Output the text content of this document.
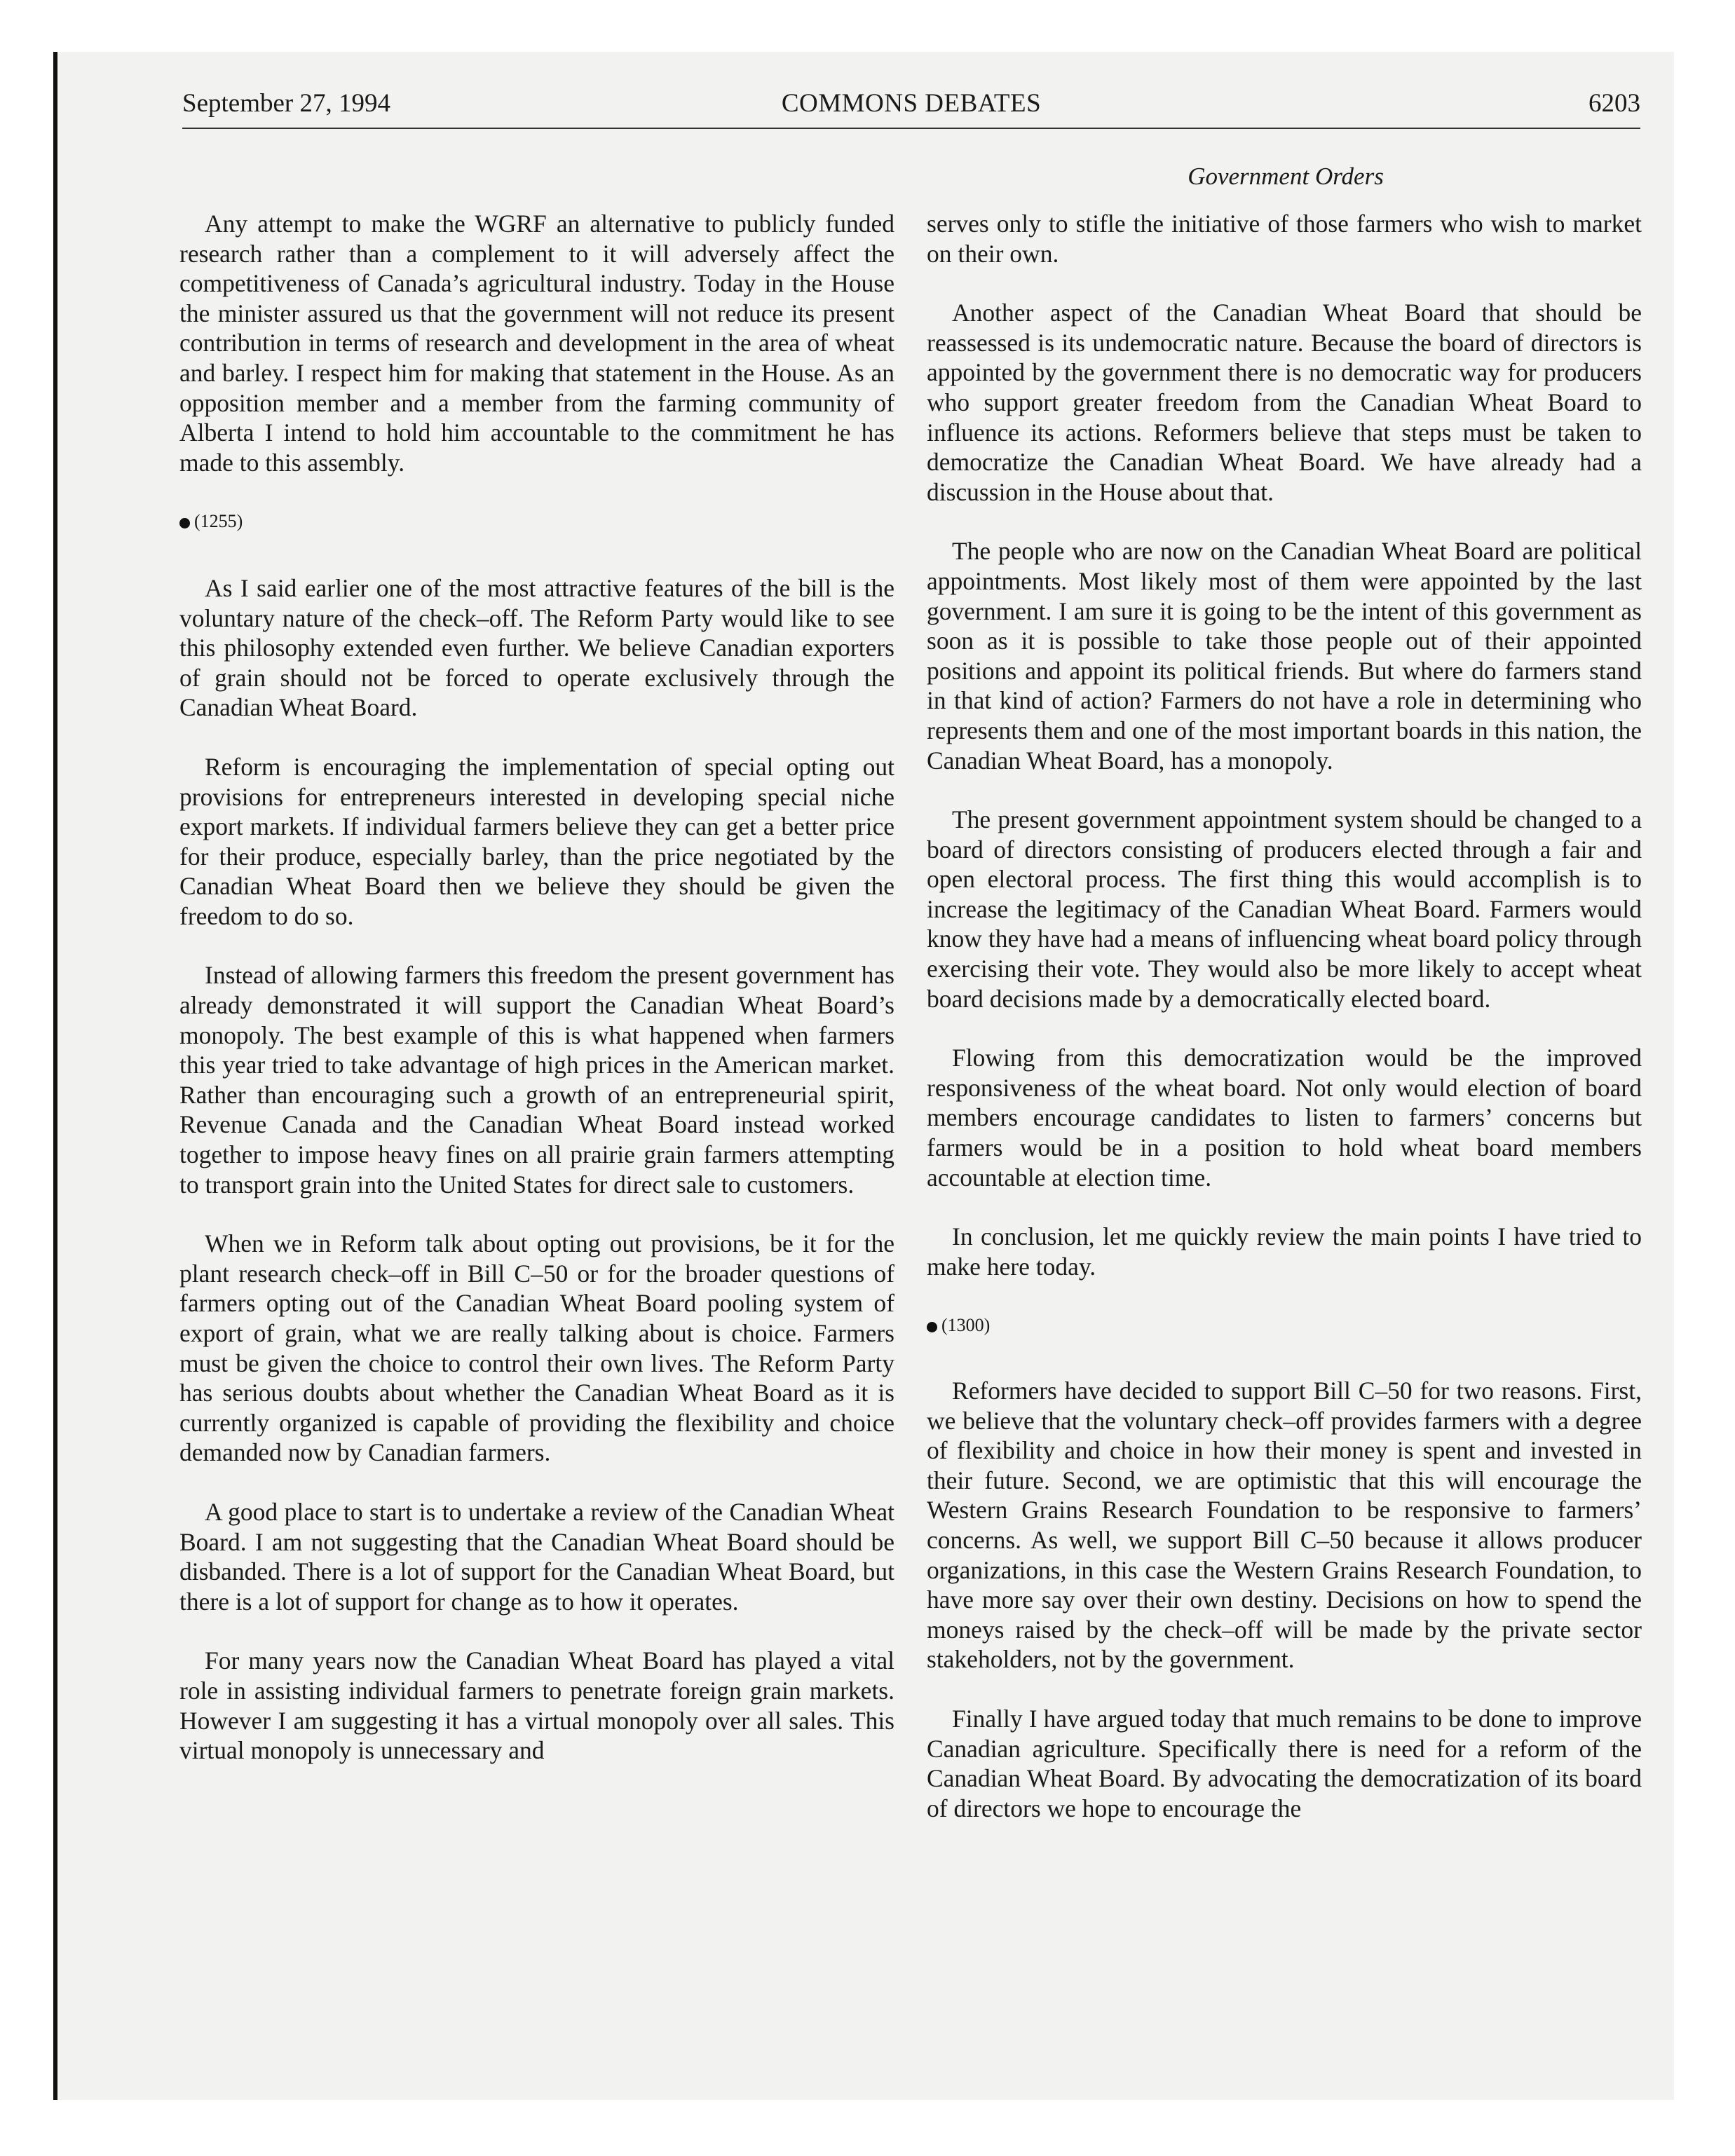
September 27, 1994	COMMONS DEBATES	6203
Government Orders

Any attempt to make the WGRF an alternative to publicly funded research rather than a complement to it will adversely affect the competitiveness of Canada’s agricultural industry. Today in the House the minister assured us that the government will not reduce its present contribution in terms of research and development in the area of wheat and barley. I respect him for making that statement in the House. As an opposition member and a member from the farming community of Alberta I intend to hold him accountable to the commitment he has made to this assembly.

(1255)

As I said earlier one of the most attractive features of the bill is the voluntary nature of the check–off. The Reform Party would like to see this philosophy extended even further. We believe Canadian exporters of grain should not be forced to operate exclusively through the Canadian Wheat Board.

Reform is encouraging the implementation of special opting out provisions for entrepreneurs interested in developing special niche export markets. If individual farmers believe they can get a better price for their produce, especially barley, than the price negotiated by the Canadian Wheat Board then we believe they should be given the freedom to do so.

Instead of allowing farmers this freedom the present government has already demonstrated it will support the Canadian Wheat Board’s monopoly. The best example of this is what happened when farmers this year tried to take advantage of high prices in the American market. Rather than encouraging such a growth of an entrepreneurial spirit, Revenue Canada and the Canadian Wheat Board instead worked together to impose heavy fines on all prairie grain farmers attempting to transport grain into the United States for direct sale to customers.

When we in Reform talk about opting out provisions, be it for the plant research check–off in Bill C–50 or for the broader questions of farmers opting out of the Canadian Wheat Board pooling system of export of grain, what we are really talking about is choice. Farmers must be given the choice to control their own lives. The Reform Party has serious doubts about whether the Canadian Wheat Board as it is currently organized is capable of providing the flexibility and choice demanded now by Canadian farmers.

A good place to start is to undertake a review of the Canadian Wheat Board. I am not suggesting that the Canadian Wheat Board should be disbanded. There is a lot of support for the Canadian Wheat Board, but there is a lot of support for change as to how it operates.

For many years now the Canadian Wheat Board has played a vital role in assisting individual farmers to penetrate foreign grain markets. However I am suggesting it has a virtual monopoly over all sales. This virtual monopoly is unnecessary and

serves only to stifle the initiative of those farmers who wish to market on their own.

Another aspect of the Canadian Wheat Board that should be reassessed is its undemocratic nature. Because the board of directors is appointed by the government there is no democratic way for producers who support greater freedom from the Canadian Wheat Board to influence its actions. Reformers believe that steps must be taken to democratize the Canadian Wheat Board. We have already had a discussion in the House about that.

The people who are now on the Canadian Wheat Board are political appointments. Most likely most of them were appointed by the last government. I am sure it is going to be the intent of this government as soon as it is possible to take those people out of their appointed positions and appoint its political friends. But where do farmers stand in that kind of action? Farmers do not have a role in determining who represents them and one of the most important boards in this nation, the Canadian Wheat Board, has a monopoly.

The present government appointment system should be changed to a board of directors consisting of producers elected through a fair and open electoral process. The first thing this would accomplish is to increase the legitimacy of the Canadian Wheat Board. Farmers would know they have had a means of influencing wheat board policy through exercising their vote. They would also be more likely to accept wheat board decisions made by a democratically elected board.

Flowing from this democratization would be the improved responsiveness of the wheat board. Not only would election of board members encourage candidates to listen to farmers’ concerns but farmers would be in a position to hold wheat board members accountable at election time.

In conclusion, let me quickly review the main points I have tried to make here today.

(1300)

Reformers have decided to support Bill C–50 for two reasons. First, we believe that the voluntary check–off provides farmers with a degree of flexibility and choice in how their money is spent and invested in their future. Second, we are optimistic that this will encourage the Western Grains Research Foundation to be responsive to farmers’ concerns. As well, we support Bill C–50 because it allows producer organizations, in this case the Western Grains Research Foundation, to have more say over their own destiny. Decisions on how to spend the moneys raised by the check–off will be made by the private sector stakeholders, not by the government.

Finally I have argued today that much remains to be done to improve Canadian agriculture. Specifically there is need for a reform of the Canadian Wheat Board. By advocating the democratization of its board of directors we hope to encourage the
